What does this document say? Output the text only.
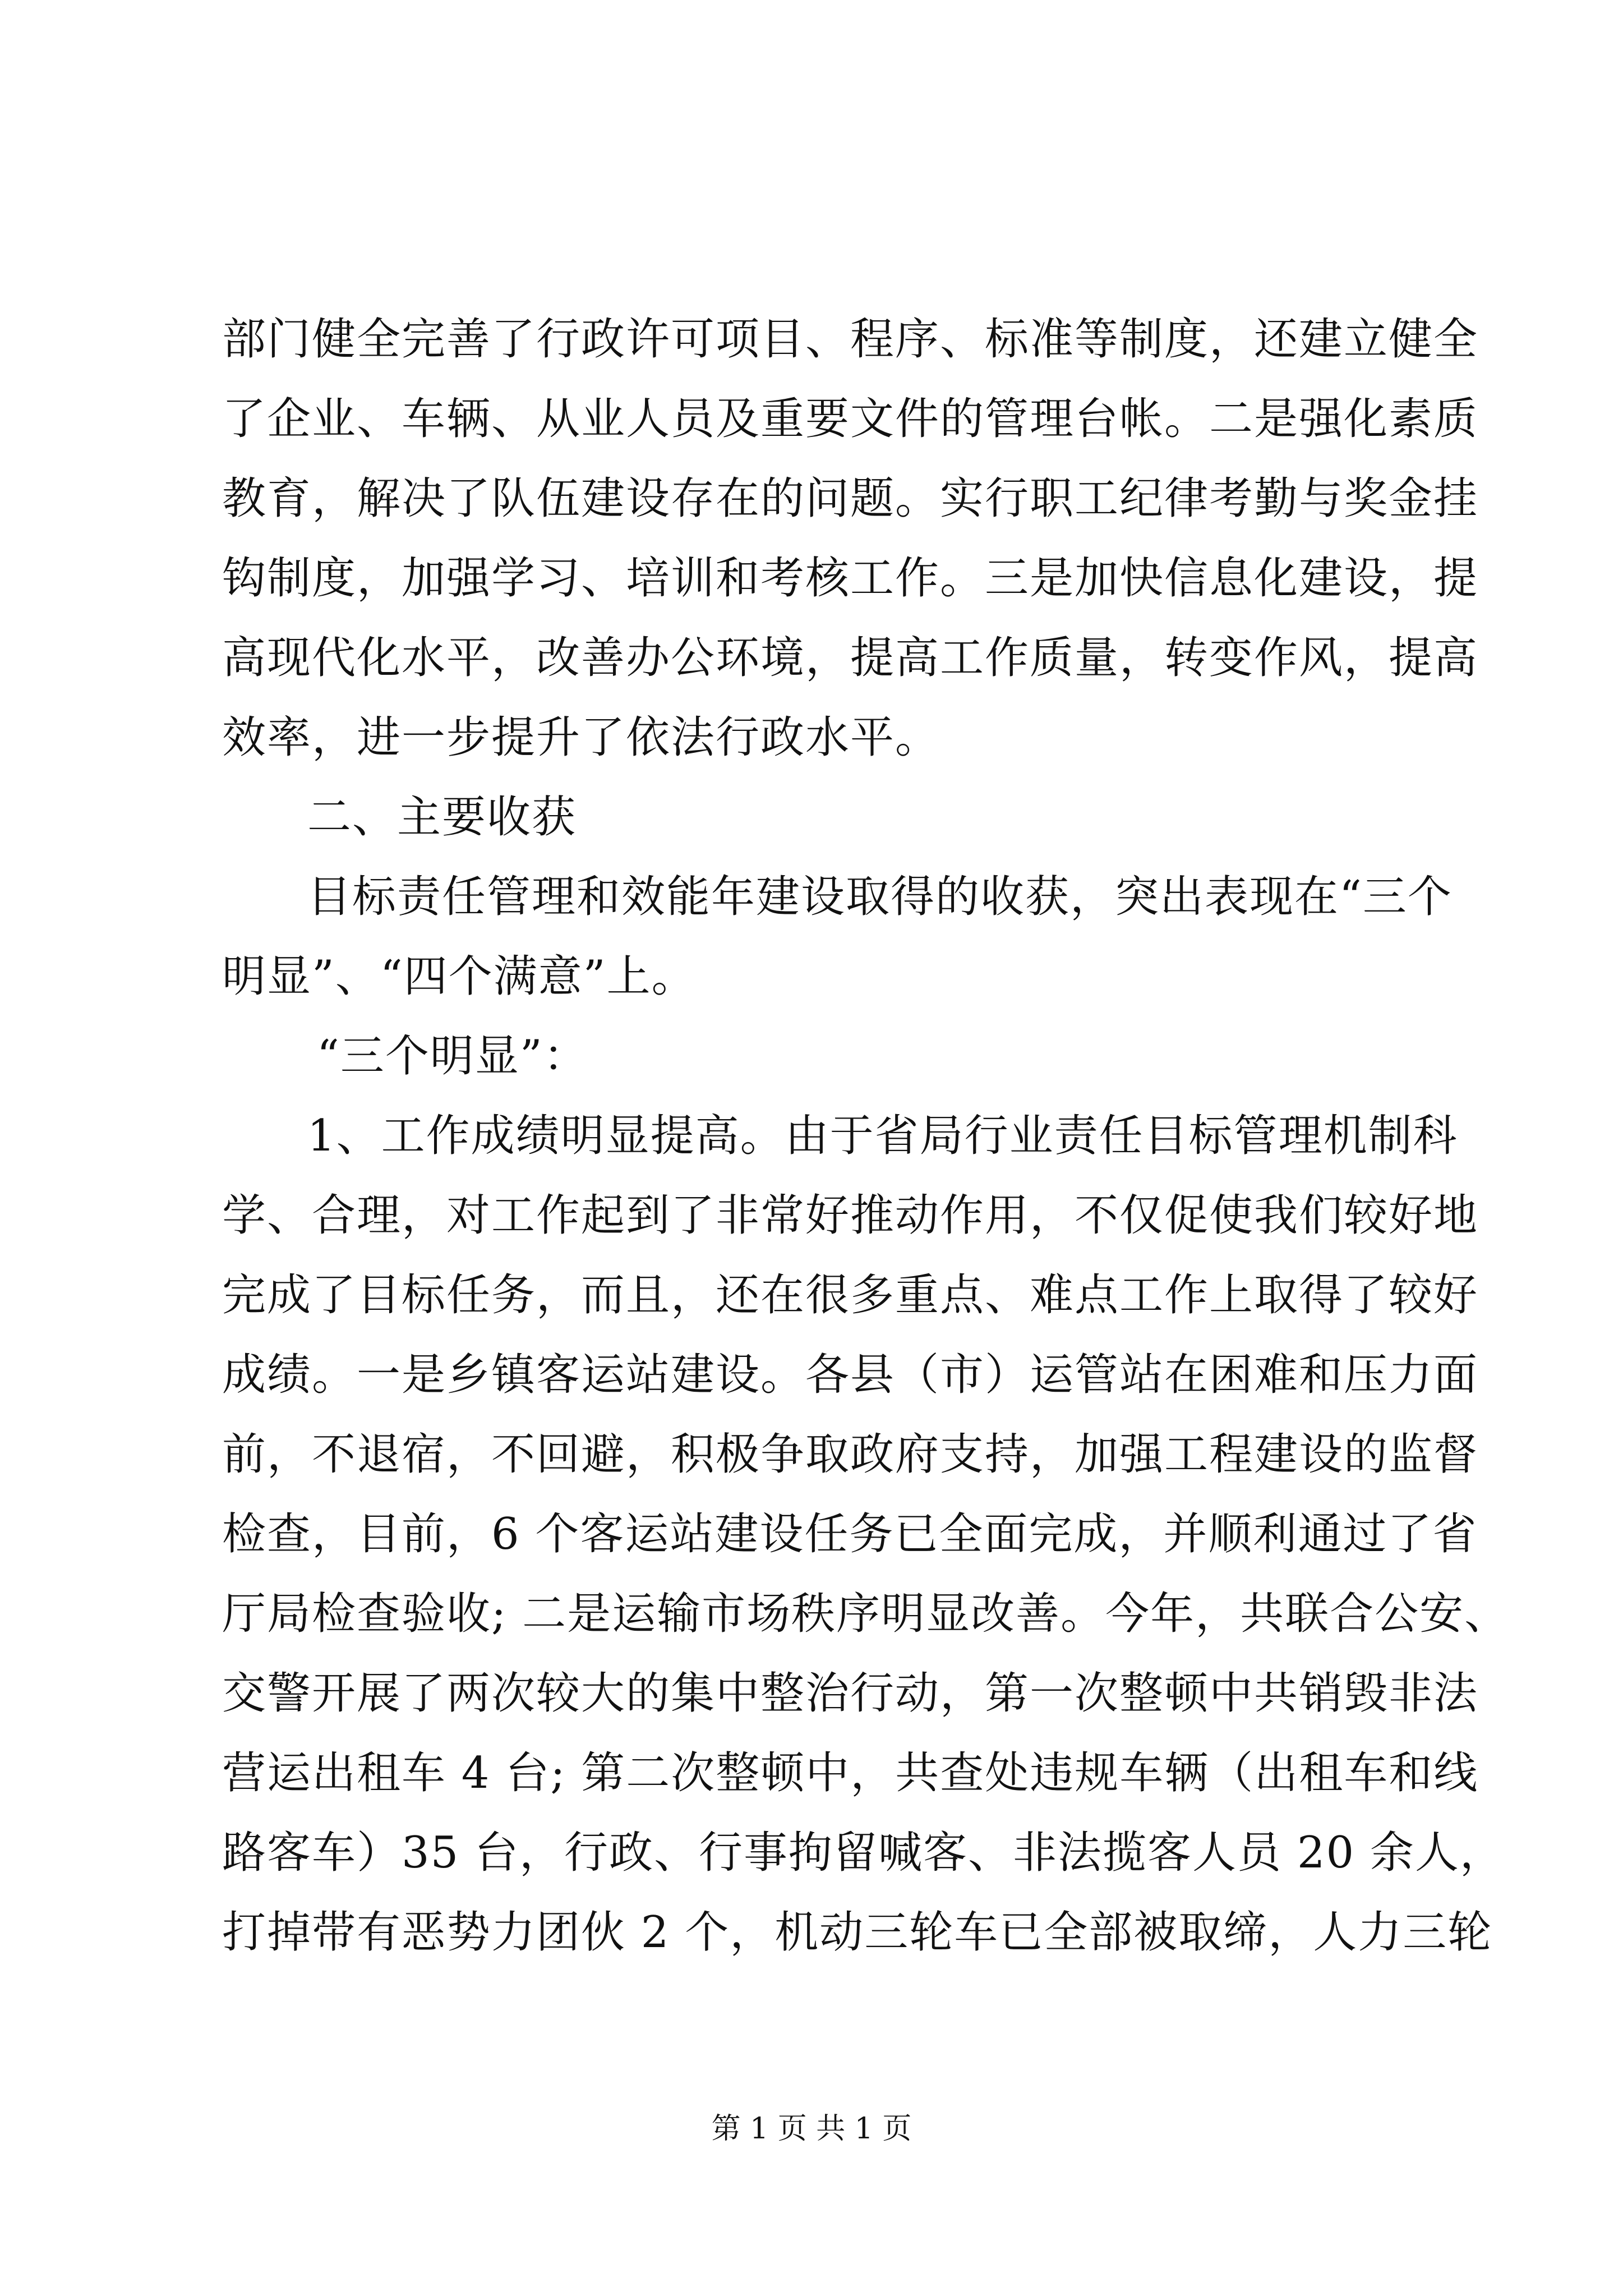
部门健全完善了行政许可项目、程序、标准等制度，还建立健全
了企业、车辆、从业人员及重要文件的管理台帐。二是强化素质
教育，解决了队伍建设存在的问题。实行职工纪律考勤与奖金挂
钩制度，加强学习、培训和考核工作。三是加快信息化建设，提
高现代化水平，改善办公环境，提高工作质量，转变作风，提高
效率，进一步提升了依法行政水平。
二、主要收获
目标责任管理和效能年建设取得的收获，突出表现在“三个
明显”、“四个满意”上。
“三个明显”：
1、工作成绩明显提高。由于省局行业责任目标管理机制科
学、合理，对工作起到了非常好推动作用，不仅促使我们较好地
完成了目标任务，而且，还在很多重点、难点工作上取得了较好
成绩。一是乡镇客运站建设。各县（市）运管站在困难和压力面
前，不退宿，不回避，积极争取政府支持，加强工程建设的监督
检查，目前，6 个客运站建设任务已全面完成，并顺利通过了省
厅局检查验收; 二是运输市场秩序明显改善。今年，共联合公安、
交警开展了两次较大的集中整治行动，第一次整顿中共销毁非法
营运出租车 4 台; 第二次整顿中，共查处违规车辆（出租车和线
路客车）35 台，行政、行事拘留喊客、非法揽客人员 20 余人，
打掉带有恶势力团伙 2 个，机动三轮车已全部被取缔，人力三轮
第 1 页 共 1 页
